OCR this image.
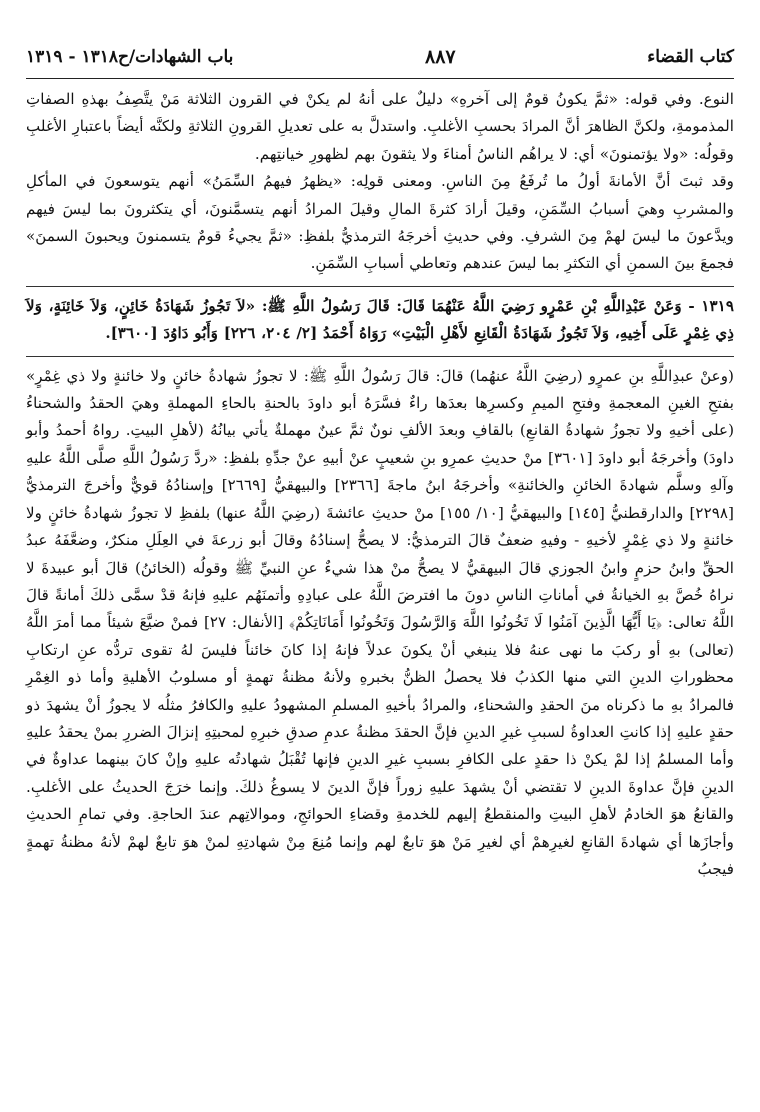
كتاب القضاء
٨٨٧
باب الشهادات/ح١٣١٨ - ١٣١٩

النوع. وفي قوله: «ثمَّ يكونُ قومٌ إلى آخرهِ» دليلٌ على أنهُ لم يكنْ في القرون الثلاثة مَنْ يتَّصِفُ بهذهِ الصفاتِ المذمومةِ، ولكنَّ الظاهرَ أنَّ المرادَ بحسبِ الأغلبِ. واستدلَّ به على تعديلِ القرونِ الثلاثةِ ولكنَّه أيضاً باعتبارِ الأغلبِ وقولُه: «ولا يؤتمنونَ» أي: لا يراهُم الناسُ أمناءَ ولا يثقونَ بهم لظهورِ خيانتِهم.

وقد ثبتَ أنَّ الأمانةَ أولُ ما تُرفَعُ مِنَ الناسِ. ومعنى قولِه: «يظهرُ فيهمُ السِّمَنُ» أنهم يتوسعونَ في المأكلِ والمشربِ وهيَ أسبابُ السِّمَنِ، وقيلَ أرادَ كثرةَ المالِ وقيلَ المرادُ أنهم يتسمَّنونَ، أي يتكثرونَ بما ليسَ فيهم ويدَّعونَ ما ليسَ لهمْ مِنَ الشرفِ. وفي حديثِ أخرجَهُ الترمذيُّ بلفظِ: «ثمَّ يجيءُ قومٌ يتسمنونَ ويحبونَ السمنَ» فجمعَ بينَ السمنِ أي التكثرِ بما ليسَ عندهم وتعاطي أسبابِ السِّمَنِ.

١٣١٩ - وَعَنْ عَبْدِاللَّهِ بْنِ عَمْرٍو رَضِيَ اللَّهُ عَنْهُمَا قَالَ: قَالَ رَسُولُ اللَّهِ ﷺ: «لاَ تَجُوزُ شَهَادَةُ خَائِنٍ، وَلاَ خَائِنَةٍ، وَلاَ ذِي غِمْرٍ عَلَى أَخِيهِ، وَلاَ تَجُوزُ شَهَادَةُ الْقَانِعِ لأَهْلِ الْبَيْتِ» رَوَاهُ أَحْمَدُ [٢/ ٢٠٤، ٢٢٦] وَأَبُو دَاوُدَ [٣٦٠٠].

(وعنْ عبدِاللَّهِ بنِ عمرٍو (رضِيَ اللَّهُ عنهُما) قالَ: قالَ رَسُولُ اللَّهِ ﷺ: لا تجوزُ شهادةُ خائنٍ ولا خائنةٍ ولا ذي غِمْرٍ» بفتحِ الغينِ المعجمةِ وفتحِ الميمِ وكسرِها بعدَها راءٌ فسَّرَهُ أبو داودَ بالحنةِ بالحاءِ المهملةِ وهيَ الحقدُ والشحناءُ (على أخيهِ ولا تجوزُ شهادةُ القانعِ) بالقافِ وبعدَ الألفِ نونٌ ثمَّ عينٌ مهملةٌ يأتي بيانُهُ (لأهلِ البيتِ. رواهُ أحمدُ وأبو داودَ) وأخرجَهُ أبو داودَ [٣٦٠١] منْ حديثِ عمرِو بنِ شعيبٍ عنْ أبيهِ عنْ جدِّهِ بلفظِ: «ردَّ رَسُولُ اللَّهِ صلَّى اللَّهُ عليهِ وآلهِ وسلَّم شهادةَ الخائنِ والخائنةِ» وأخرجَهُ ابنُ ماجةَ [٢٣٦٦] والبيهقيُّ [٢٦٦٩] وإسنادُهُ قويٌّ وأخرجَ الترمذيُّ [٢٢٩٨] والدارقطنيُّ [١٤٥] والبيهقيُّ [١٠/ ١٥٥] منْ حديثِ عائشةَ (رضِيَ اللَّهُ عنها) بلفظِ لا تجوزُ شهادةُ خائنٍ ولا خائنةٍ ولا ذي غِمْرٍ لأخيهِ - وفيهِ ضعفٌ قالَ الترمذيُّ: لا يصحُّ إسنادُهُ وقالَ أبو زرعةَ في العِلَلِ منكرٌ، وضعَّفَهُ عبدُ الحقِّ وابنُ حزمٍ وابنُ الجوزي قالَ البيهقيُّ لا يصحُّ منْ هذا شيءٌ عنِ النبيِّ ﷺ وقولُه (الخائنُ) قالَ أبو عبيدةَ لا نراهُ خُصَّ بهِ الخيانةُ في أماناتِ الناسِ دونَ ما افترضَ اللَّهُ على عبادِهِ وأتمنَهُم عليهِ فإنهُ قدْ سمَّى ذلكَ أمانةً قالَ اللَّهُ تعالى: ﴿يَا أَيُّهَا الَّذِينَ آمَنُوا لَا تَخُونُوا اللَّهَ وَالرَّسُولَ وَتَخُونُوا أَمَانَاتِكُمْ﴾ [الأنفال: ٢٧] فمنْ ضيَّعَ شيئاً مما أمرَ اللَّهُ (تعالى) بهِ أو ركبَ ما نهى عنهُ فلا ينبغي أنْ يكونَ عدلاً فإنهُ إذا كانَ خائناً فليسَ لهُ تقوى تردُّه عنِ ارتكابِ محظوراتِ الدينِ التي منها الكذبُ فلا يحصلُ الظنُّ بخبرهِ ولأنهُ مظنةُ تهمةٍ أو مسلوبُ الأهليةِ وأما ذو الغِمْرِ فالمرادُ بهِ ما ذكرناه منَ الحقدِ والشحناءِ، والمرادُ بأخيهِ المسلمِ المشهودُ عليهِ والكافرُ مثلُه لا يجوزُ أنْ يشهدَ ذو حقدٍ عليهِ إذا كانتِ العداوةُ لسببِ غيرِ الدينِ فإنَّ الحقدَ مظنةُ عدمِ صدقِ خبرِهِ لمحبتِهِ إنزالَ الضررِ بمنْ يحقدُ عليهِ وأما المسلمُ إذا لمْ يكنْ ذا حقدٍ على الكافرِ بسببِ غيرِ الدينِ فإنها تُقْبَلُ شهادتُه عليهِ وإنْ كانَ بينهما عداوةٌ في الدينِ فإنَّ عداوةَ الدينِ لا تقتضي أنْ يشهدَ عليهِ زوراً فإنَّ الدينَ لا يسوغُ ذلكَ. وإنما خرَجَ الحديثُ على الأغلبِ. والقانعُ هوَ الخادمُ لأهلِ البيتِ والمنقطعُ إليهم للخدمةِ وقضاءِ الحوائجِ، وموالاتِهم عندَ الحاجةِ. وفي تمامِ الحديثِ وأجازَها أي شهادةَ القانعِ لغيرِهمْ أي لغيرِ مَنْ هوَ تابعٌ لهم وإنما مُنِعَ مِنْ شهادتِهِ لمنْ هوَ تابعٌ لهمْ لأنهُ مظنةُ تهمةٍ فيجبُ
